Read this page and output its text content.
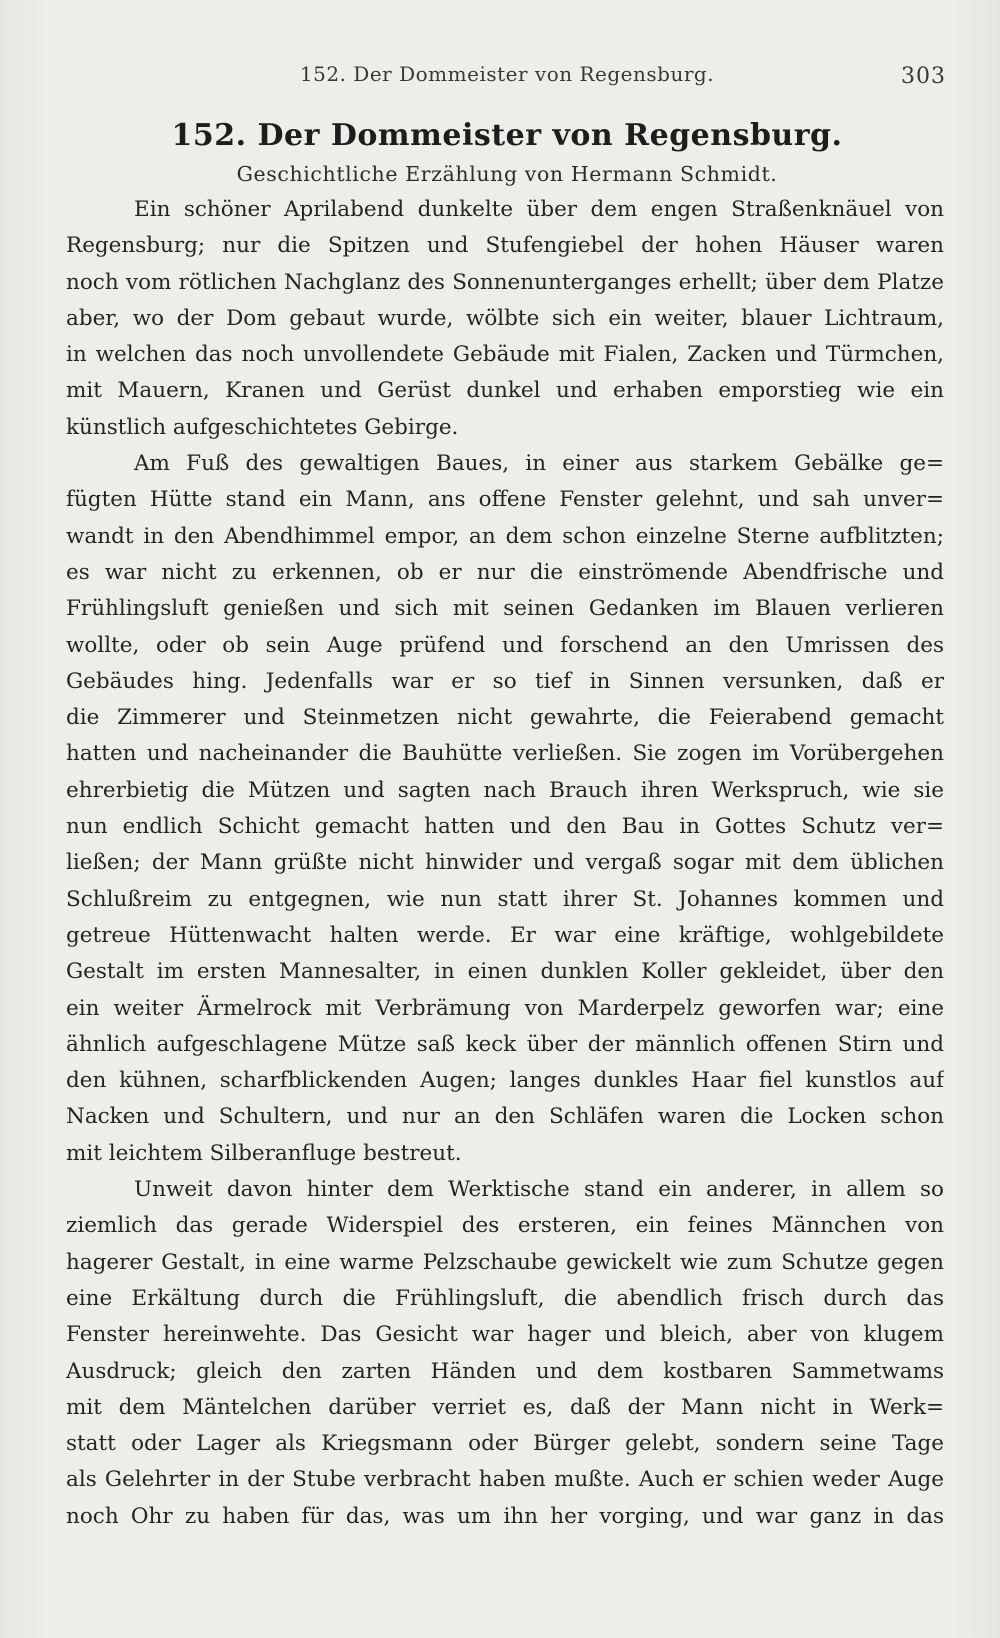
152. Der Dommeister von Regensburg.	303
152. Der Dommeister von Regensburg.
Geschichtliche Erzählung von Hermann Schmidt.
Ein schöner Aprilabend dunkelte über dem engen Straßenknäuel von
Regensburg; nur die Spitzen und Stufengiebel der hohen Häuser waren
noch vom rötlichen Nachglanz des Sonnenunterganges erhellt; über dem Platze
aber, wo der Dom gebaut wurde, wölbte sich ein weiter, blauer Lichtraum,
in welchen das noch unvollendete Gebäude mit Fialen, Zacken und Türmchen,
mit Mauern, Kranen und Gerüst dunkel und erhaben emporstieg wie ein
künstlich aufgeschichtetes Gebirge.
Am Fuß des gewaltigen Baues, in einer aus starkem Gebälke ge=
fügten Hütte stand ein Mann, ans offene Fenster gelehnt, und sah unver=
wandt in den Abendhimmel empor, an dem schon einzelne Sterne aufblitzten;
es war nicht zu erkennen, ob er nur die einströmende Abendfrische und
Frühlingsluft genießen und sich mit seinen Gedanken im Blauen verlieren
wollte, oder ob sein Auge prüfend und forschend an den Umrissen des
Gebäudes hing. Jedenfalls war er so tief in Sinnen versunken, daß er
die Zimmerer und Steinmetzen nicht gewahrte, die Feierabend gemacht
hatten und nacheinander die Bauhütte verließen. Sie zogen im Vorübergehen
ehrerbietig die Mützen und sagten nach Brauch ihren Werkspruch, wie sie
nun endlich Schicht gemacht hatten und den Bau in Gottes Schutz ver=
ließen; der Mann grüßte nicht hinwider und vergaß sogar mit dem üblichen
Schlußreim zu entgegnen, wie nun statt ihrer St. Johannes kommen und
getreue Hüttenwacht halten werde. Er war eine kräftige, wohlgebildete
Gestalt im ersten Mannesalter, in einen dunklen Koller gekleidet, über den
ein weiter Ärmelrock mit Verbrämung von Marderpelz geworfen war; eine
ähnlich aufgeschlagene Mütze saß keck über der männlich offenen Stirn und
den kühnen, scharfblickenden Augen; langes dunkles Haar fiel kunstlos auf
Nacken und Schultern, und nur an den Schläfen waren die Locken schon
mit leichtem Silberanfluge bestreut.
Unweit davon hinter dem Werktische stand ein anderer, in allem so
ziemlich das gerade Widerspiel des ersteren, ein feines Männchen von
hagerer Gestalt, in eine warme Pelzschaube gewickelt wie zum Schutze gegen
eine Erkältung durch die Frühlingsluft, die abendlich frisch durch das
Fenster hereinwehte. Das Gesicht war hager und bleich, aber von klugem
Ausdruck; gleich den zarten Händen und dem kostbaren Sammetwams
mit dem Mäntelchen darüber verriet es, daß der Mann nicht in Werk=
statt oder Lager als Kriegsmann oder Bürger gelebt, sondern seine Tage
als Gelehrter in der Stube verbracht haben mußte. Auch er schien weder Auge
noch Ohr zu haben für das, was um ihn her vorging, und war ganz in das
